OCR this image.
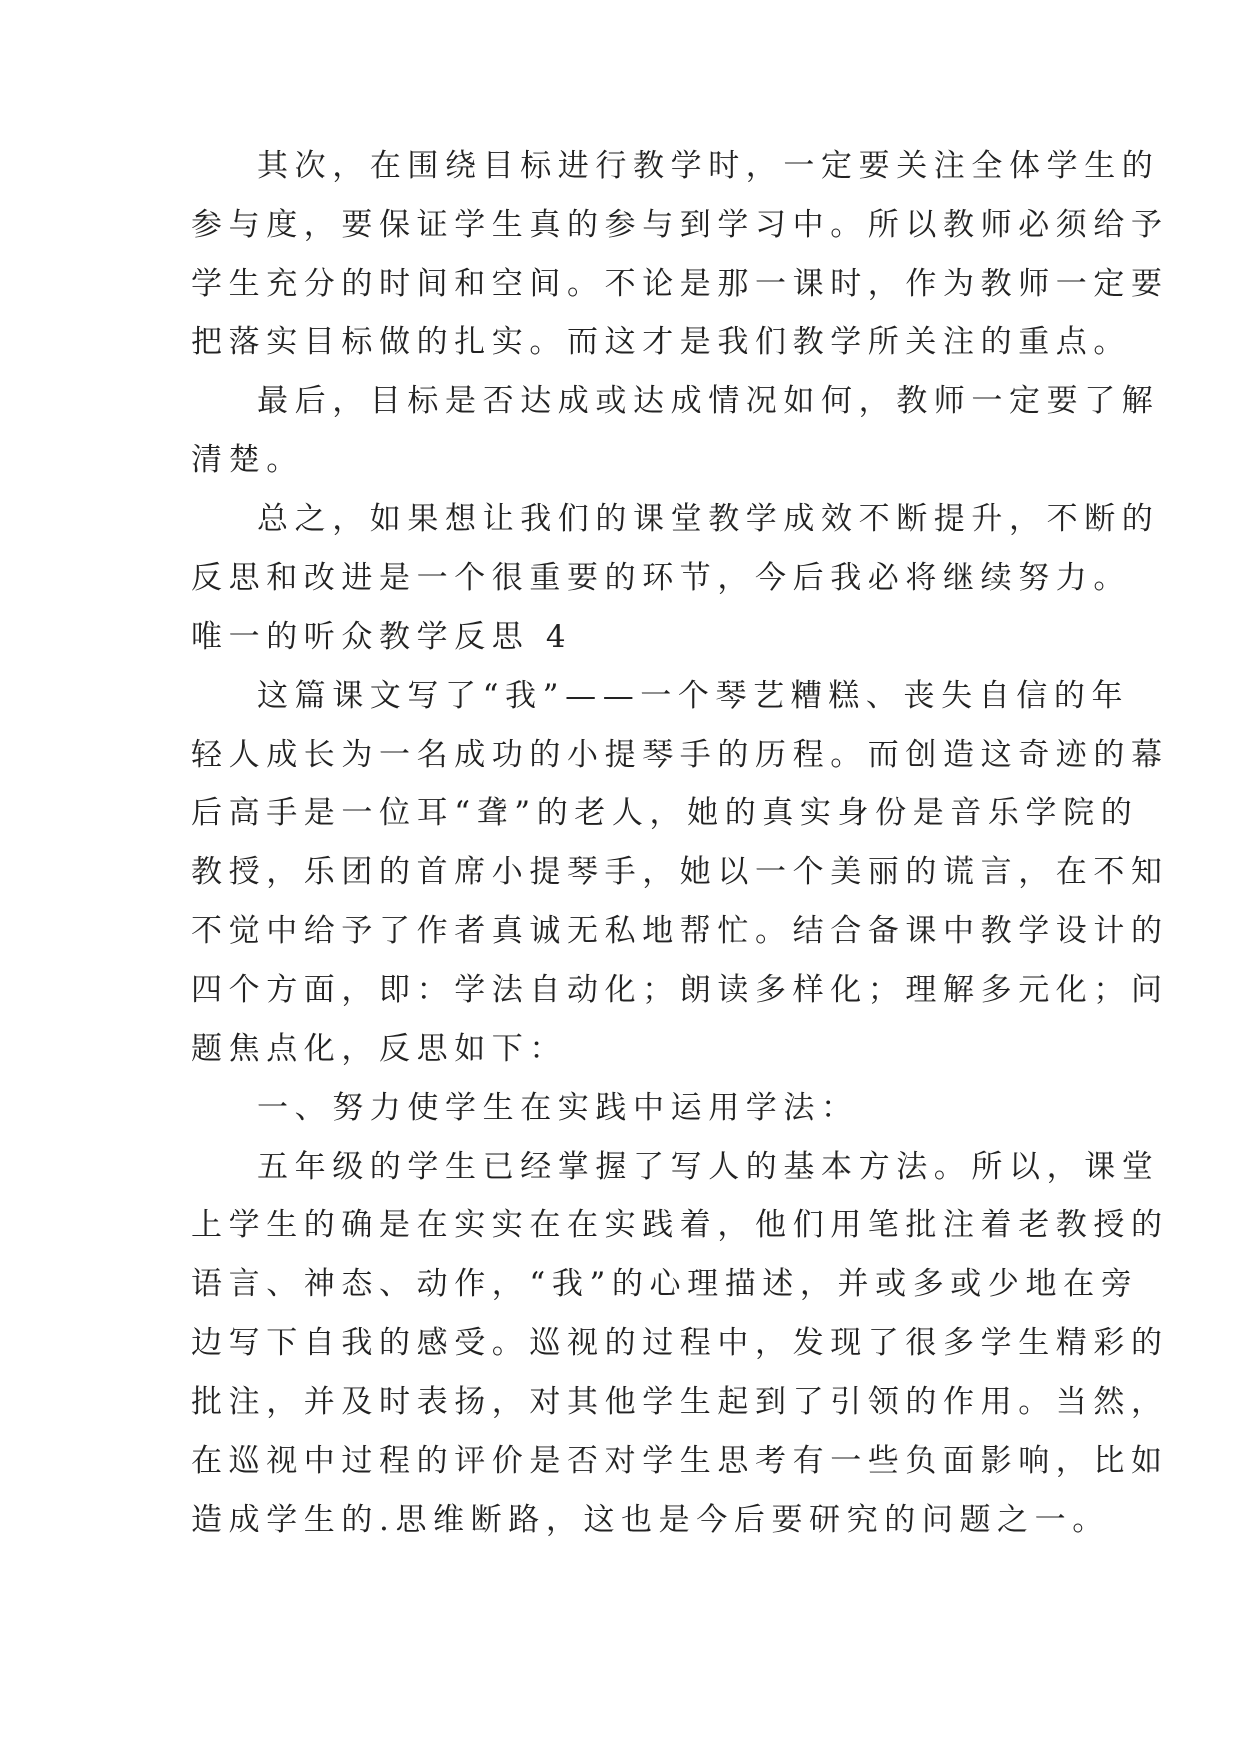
其次，在围绕目标进行教学时，一定要关注全体学生的

参与度，要保证学生真的参与到学习中。所以教师必须给予

学生充分的时间和空间。不论是那一课时，作为教师一定要

把落实目标做的扎实。而这才是我们教学所关注的重点。

最后，目标是否达成或达成情况如何，教师一定要了解

清楚。

总之，如果想让我们的课堂教学成效不断提升，不断的

反思和改进是一个很重要的环节，今后我必将继续努力。

唯一的听众教学反思 4

这篇课文写了“我”——一个琴艺糟糕、丧失自信的年

轻人成长为一名成功的小提琴手的历程。而创造这奇迹的幕

后高手是一位耳“聋”的老人，她的真实身份是音乐学院的

教授，乐团的首席小提琴手，她以一个美丽的谎言，在不知

不觉中给予了作者真诚无私地帮忙。结合备课中教学设计的

四个方面，即：学法自动化；朗读多样化；理解多元化；问

题焦点化，反思如下：

一、努力使学生在实践中运用学法：

五年级的学生已经掌握了写人的基本方法。所以，课堂

上学生的确是在实实在在实践着，他们用笔批注着老教授的

语言、神态、动作，“我”的心理描述，并或多或少地在旁

边写下自我的感受。巡视的过程中，发现了很多学生精彩的

批注，并及时表扬，对其他学生起到了引领的作用。当然，

在巡视中过程的评价是否对学生思考有一些负面影响，比如

造成学生的.思维断路，这也是今后要研究的问题之一。
